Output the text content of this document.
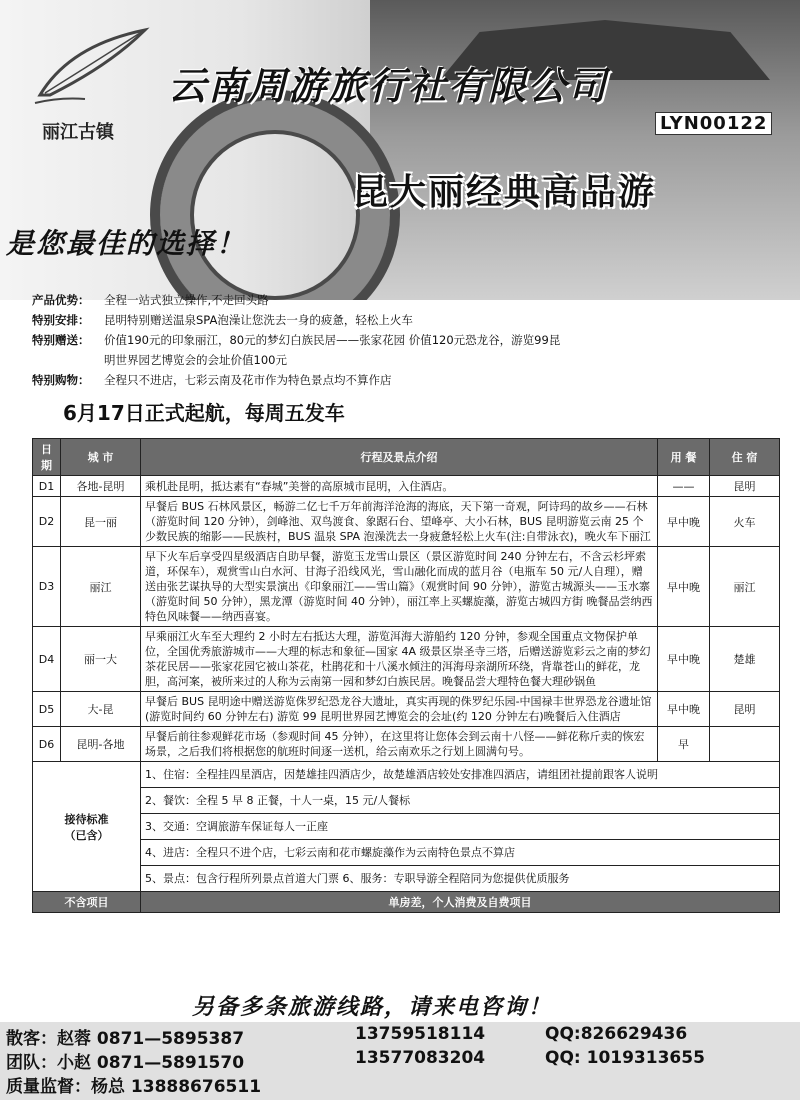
丽江古镇
云南周游旅行社有限公司
LYN00122
昆大丽经典高品游
是您最佳的选择！
产品优势：	全程一站式独立操作,不走回头路
特别安排：	昆明特别赠送温泉SPA泡澡让您洗去一身的疲惫，轻松上火车
特别赠送：	价值190元的印象丽江，80元的梦幻白族民居——张家花园 价值120元恐龙谷，游览99昆
明世界园艺博览会的会址价值100元
特别购物：	全程只不进店，七彩云南及花市作为特色景点均不算作店
6月17日正式起航，每周五发车
日期	城 市	行程及景点介绍	用 餐	住 宿
D1	各地-昆明	乘机赴昆明，抵达素有“春城”美誉的高原城市昆明，入住酒店。	——	昆明
D2	昆一丽	早餐后 BUS 石林风景区，畅游二亿七千万年前海洋沧海的海底，天下第一奇观，阿诗玛的故乡——石林（游览时间 120 分钟），剑峰池、双鸟渡食、象踞石台、望峰亭、大小石林，BUS 昆明游览云南 25 个少数民族的缩影——民族村，BUS 温泉 SPA 泡澡洗去一身疲惫轻松上火车(注:自带泳衣)，晚火车下丽江	早中晚	火车
D3	丽江	早下火车后享受四星级酒店自助早餐，游览玉龙雪山景区（景区游览时间 240 分钟左右，不含云杉坪索道，环保车），观赏雪山白水河、甘海子沿线风光，雪山融化而成的蓝月谷（电瓶车 50 元/人自理），赠送由张艺谋执导的大型实景演出《印象丽江——雪山篇》（观赏时间 90 分钟），游览古城源头——玉水寨（游览时间 50 分钟），黑龙潭（游览时间 40 分钟），丽江率上买螺旋藻，游览古城四方街 晚餐品尝纳西特色风味餐——纳西喜宴。	早中晚	丽江
D4	丽一大	早乘丽江火车至大理约 2 小时左右抵达大理，游览洱海大游船约 120 分钟，参观全国重点文物保护单位，全国优秀旅游城市——大理的标志和象征—国家 4A 级景区崇圣寺三塔，后赠送游览彩云之南的梦幻茶花民居——张家花园它被山茶花，杜鹃花和十八溪水倾注的洱海母亲湖所环绕，背靠苍山的鲜花，龙胆，高河案，被所来过的人称为云南第一园和梦幻白族民居。晚餐品尝大理特色餐大理砂锅鱼	早中晚	楚雄
D5	大-昆	早餐后 BUS 昆明途中赠送游览侏罗纪恐龙谷大遗址，真实再现的侏罗纪乐园-中国禄丰世界恐龙谷遗址馆(游览时间约 60 分钟左右) 游览 99 昆明世界园艺博览会的会址(约 120 分钟左右)晚餐后入住酒店	早中晚	昆明
D6	昆明-各地	早餐后前往参观鲜花市场（参观时间 45 分钟），在这里将让您体会到云南十八怪——鲜花称斤卖的恢宏场景，之后我们将根据您的航班时间逐一送机，给云南欢乐之行划上圆满句号。	早	
接待标准
（已含）		1、住宿：全程挂四星酒店，因楚雄挂四酒店少，故楚雄酒店较处安排准四酒店，请组团社提前跟客人说明		
		2、餐饮：全程 5 早 8 正餐，十人一桌，15 元/人餐标		
		3、交通：空调旅游车保证每人一正座		
		4、进店：全程只不进个店，七彩云南和花市螺旋藻作为云南特色景点不算店		
		5、景点：包含行程所列景点首道大门票 6、服务：专职导游全程陪同为您提供优质服务		
不含项目		单房差，个人消费及自费项目		
另备多条旅游线路，请来电咨询！
散客：赵蓉 0871—5895387	13759518114	QQ:826629436
团队：小赵 0871—5891570	13577083204	QQ: 1019313655
质量监督：杨总 13888676511
